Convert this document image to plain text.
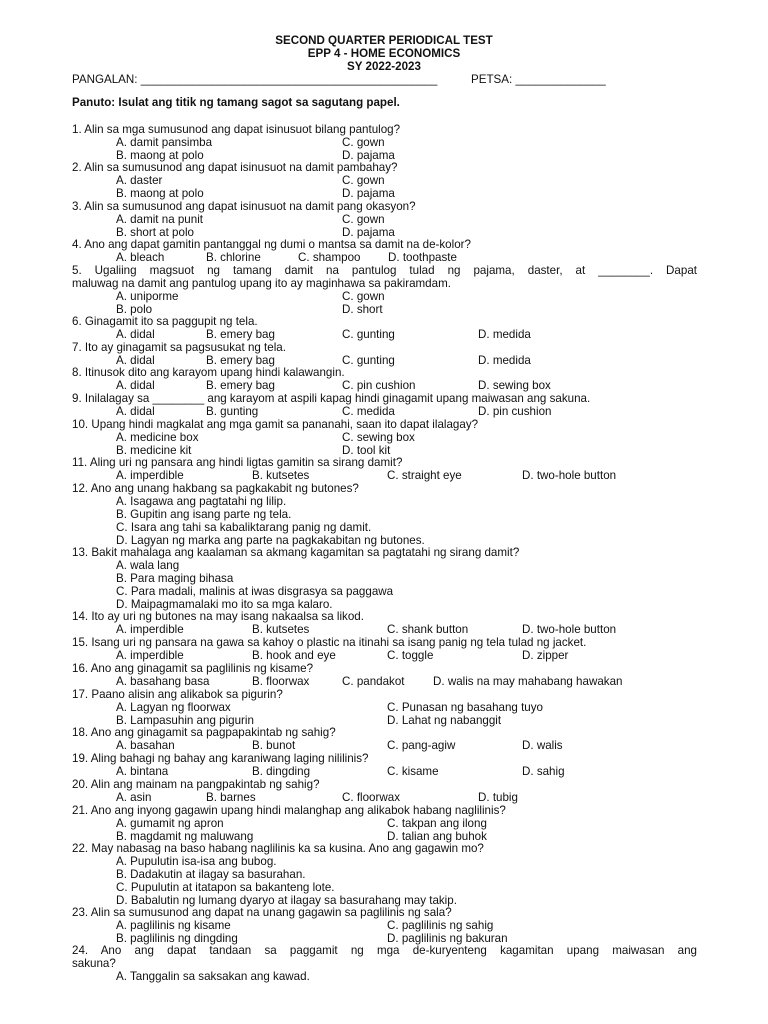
SECOND QUARTER PERIODICAL TEST
EPP 4 - HOME ECONOMICS
SY 2022-2023
PANGALAN: ______________________________________________	PETSA: ______________
Panuto: Isulat ang titik ng tamang sagot sa sagutang papel.
1. Alin sa mga sumusunod ang dapat isinusuot bilang pantulog?
A. damit pansimba	C. gown
B. maong at polo	D. pajama
2. Alin sa sumusunod ang dapat isinusuot na damit pambahay?
A. daster	C. gown
B. maong at polo	D. pajama
3. Alin sa sumusunod ang dapat isinusuot na damit pang okasyon?
A. damit na punit	C. gown
B. short at polo	D. pajama
4. Ano ang dapat gamitin pantanggal ng dumi o mantsa sa damit na de-kolor?
A. bleach	B. chlorine	C. shampoo D. toothpaste
5. Ugaliing magsuot ng tamang damit na pantulog tulad ng pajama, daster, at ________. Dapat
maluwag na damit ang pantulog upang ito ay maginhawa sa pakiramdam.
A. uniporme	C. gown
B. polo	D. short
6. Ginagamit ito sa paggupit ng tela.
A. didal	B. emery bag	C. gunting	D. medida
7. Ito ay ginagamit sa pagsusukat ng tela.
A. didal	B. emery bag	C. gunting	D. medida
8. Itinusok dito ang karayom upang hindi kalawangin.
A. didal	B. emery bag	C. pin cushion	D. sewing box
9. Inilalagay sa ________ ang karayom at aspili kapag hindi ginagamit upang maiwasan ang sakuna.
A. didal	B. gunting	C. medida	D. pin cushion
10. Upang hindi magkalat ang mga gamit sa pananahi, saan ito dapat ilalagay?
A. medicine box	C. sewing box
B. medicine kit	D. tool kit
11. Aling uri ng pansara ang hindi ligtas gamitin sa sirang damit?
A. imperdible	B. kutsetes	C. straight eye	D. two-hole button
12. Ano ang unang hakbang sa pagkakabit ng butones?
A. Isagawa ang pagtatahi ng lilip.
B. Gupitin ang isang parte ng tela.
C. Isara ang tahi sa kabaliktarang panig ng damit.
D. Lagyan ng marka ang parte na pagkakabitan ng butones.
13. Bakit mahalaga ang kaalaman sa akmang kagamitan sa pagtatahi ng sirang damit?
A. wala lang
B. Para maging bihasa
C. Para madali, malinis at iwas disgrasya sa paggawa
D. Maipagmamalaki mo ito sa mga kalaro.
14. Ito ay uri ng butones na may isang nakaalsa sa likod.
A. imperdible	B. kutsetes	C. shank button	D. two-hole button
15. Isang uri ng pansara na gawa sa kahoy o plastic na itinahi sa isang panig ng tela tulad ng jacket.
A. imperdible	B. hook and eye	C. toggle	D. zipper
16. Ano ang ginagamit sa paglilinis ng kisame?
A. basahang basa	B. floorwax	C. pandakot D. walis na may mahabang hawakan
17. Paano alisin ang alikabok sa pigurin?
A. Lagyan ng floorwax	C. Punasan ng basahang tuyo
B. Lampasuhin ang pigurin	D. Lahat ng nabanggit
18. Ano ang ginagamit sa pagpapakintab ng sahig?
A. basahan	B. bunot	C. pang-agiw	D. walis
19. Aling bahagi ng bahay ang karaniwang laging nililinis?
A. bintana	B. dingding	C. kisame	D. sahig
20. Alin ang mainam na pangpakintab ng sahig?
A. asin	B. barnes	C. floorwax	D. tubig
21. Ano ang inyong gagawin upang hindi malanghap ang alikabok habang naglilinis?
A. gumamit ng apron	C. takpan ang ilong
B. magdamit ng maluwang	D. talian ang buhok
22. May nabasag na baso habang naglilinis ka sa kusina. Ano ang gagawin mo?
A. Pupulutin isa-isa ang bubog.
B. Dadakutin at ilagay sa basurahan.
C. Pupulutin at itatapon sa bakanteng lote.
D. Babalutin ng lumang dyaryo at ilagay sa basurahang may takip.
23. Alin sa sumusunod ang dapat na unang gagawin sa paglilinis ng sala?
A. paglilinis ng kisame	C. paglilinis ng sahig
B. paglilinis ng dingding	D. paglilinis ng bakuran
24. Ano ang dapat tandaan sa paggamit ng mga de-kuryenteng kagamitan upang maiwasan ang
sakuna?
A. Tanggalin sa saksakan ang kawad.
